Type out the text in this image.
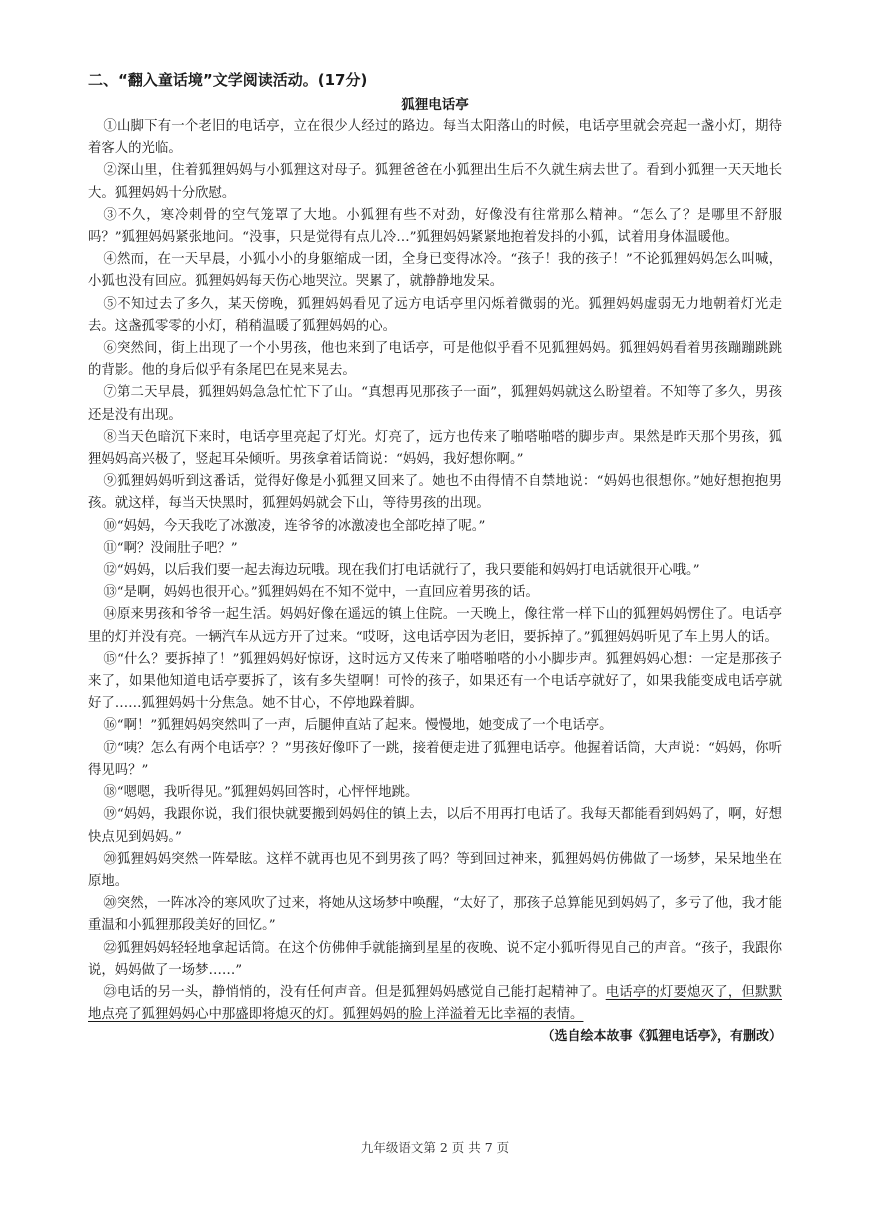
二、“翻入童话境”文学阅读活动。(17分)
狐狸电话亭

①山脚下有一个老旧的电话亭，立在很少人经过的路边。每当太阳落山的时候，电话亭里就会亮起一盏小灯，期待着客人的光临。

②深山里，住着狐狸妈妈与小狐狸这对母子。狐狸爸爸在小狐狸出生后不久就生病去世了。看到小狐狸一天天地长大。狐狸妈妈十分欣慰。

③不久，寒冷刺骨的空气笼罩了大地。小狐狸有些不对劲，好像没有往常那么精神。“怎么了？是哪里不舒服吗？”狐狸妈妈紧张地问。“没事，只是觉得有点儿冷…”狐狸妈妈紧紧地抱着发抖的小狐，试着用身体温暖他。

④然而，在一天早晨，小狐小小的身躯缩成一团，全身已变得冰冷。“孩子！我的孩子！”不论狐狸妈妈怎么叫喊，小狐也没有回应。狐狸妈妈每天伤心地哭泣。哭累了，就静静地发呆。

⑤不知过去了多久，某天傍晚，狐狸妈妈看见了远方电话亭里闪烁着微弱的光。狐狸妈妈虚弱无力地朝着灯光走去。这盏孤零零的小灯，稍稍温暖了狐狸妈妈的心。

⑥突然间，街上出现了一个小男孩，他也来到了电话亭，可是他似乎看不见狐狸妈妈。狐狸妈妈看着男孩蹦蹦跳跳的背影。他的身后似乎有条尾巴在晃来晃去。

⑦第二天早晨，狐狸妈妈急急忙忙下了山。“真想再见那孩子一面”，狐狸妈妈就这么盼望着。不知等了多久，男孩还是没有出现。

⑧当天色暗沉下来时，电话亭里亮起了灯光。灯亮了，远方也传来了啪嗒啪嗒的脚步声。果然是昨天那个男孩，狐狸妈妈高兴极了，竖起耳朵倾听。男孩拿着话筒说：“妈妈，我好想你啊。”

⑨狐狸妈妈听到这番话，觉得好像是小狐狸又回来了。她也不由得情不自禁地说：“妈妈也很想你。”她好想抱抱男孩。就这样，每当天快黑时，狐狸妈妈就会下山，等待男孩的出现。

⑩“妈妈，今天我吃了冰激凌，连爷爷的冰激凌也全部吃掉了呢。”

⑪“啊？没闹肚子吧？”

⑫“妈妈，以后我们要一起去海边玩哦。现在我们打电话就行了，我只要能和妈妈打电话就很开心哦。”

⑬“是啊，妈妈也很开心。”狐狸妈妈在不知不觉中，一直回应着男孩的话。

⑭原来男孩和爷爷一起生活。妈妈好像在遥远的镇上住院。一天晚上，像往常一样下山的狐狸妈妈愣住了。电话亭里的灯并没有亮。一辆汽车从远方开了过来。“哎呀，这电话亭因为老旧，要拆掉了。”狐狸妈妈听见了车上男人的话。

⑮“什么？要拆掉了！”狐狸妈妈好惊讶，这时远方又传来了啪嗒啪嗒的小小脚步声。狐狸妈妈心想：一定是那孩子来了，如果他知道电话亭要拆了，该有多失望啊！可怜的孩子，如果还有一个电话亭就好了，如果我能变成电话亭就好了……狐狸妈妈十分焦急。她不甘心，不停地跺着脚。

⑯“啊！”狐狸妈妈突然叫了一声，后腿伸直站了起来。慢慢地，她变成了一个电话亭。

⑰“咦？怎么有两个电话亭？？”男孩好像吓了一跳，接着便走进了狐狸电话亭。他握着话筒，大声说：“妈妈，你听得见吗？”

⑱“嗯嗯，我听得见。”狐狸妈妈回答时，心怦怦地跳。

⑲“妈妈，我跟你说，我们很快就要搬到妈妈住的镇上去，以后不用再打电话了。我每天都能看到妈妈了，啊，好想快点见到妈妈。”

⑳狐狸妈妈突然一阵晕眩。这样不就再也见不到男孩了吗？等到回过神来，狐狸妈妈仿佛做了一场梦，呆呆地坐在原地。

⑳突然，一阵冰冷的寒风吹了过来，将她从这场梦中唤醒，“太好了，那孩子总算能见到妈妈了，多亏了他，我才能重温和小狐狸那段美好的回忆。”

㉒狐狸妈妈轻轻地拿起话筒。在这个仿佛伸手就能摘到星星的夜晚、说不定小狐听得见自己的声音。“孩子，我跟你说，妈妈做了一场梦……”

㉓电话的另一头，静悄悄的，没有任何声音。但是狐狸妈妈感觉自己能打起精神了。电话亭的灯要熄灭了，但默默地点亮了狐狸妈妈心中那盛即将熄灭的灯。狐狸妈妈的脸上洋溢着无比幸福的表情。

（选自绘本故事《狐狸电话亭》，有删改）

九年级语文第 2 页 共 7 页
